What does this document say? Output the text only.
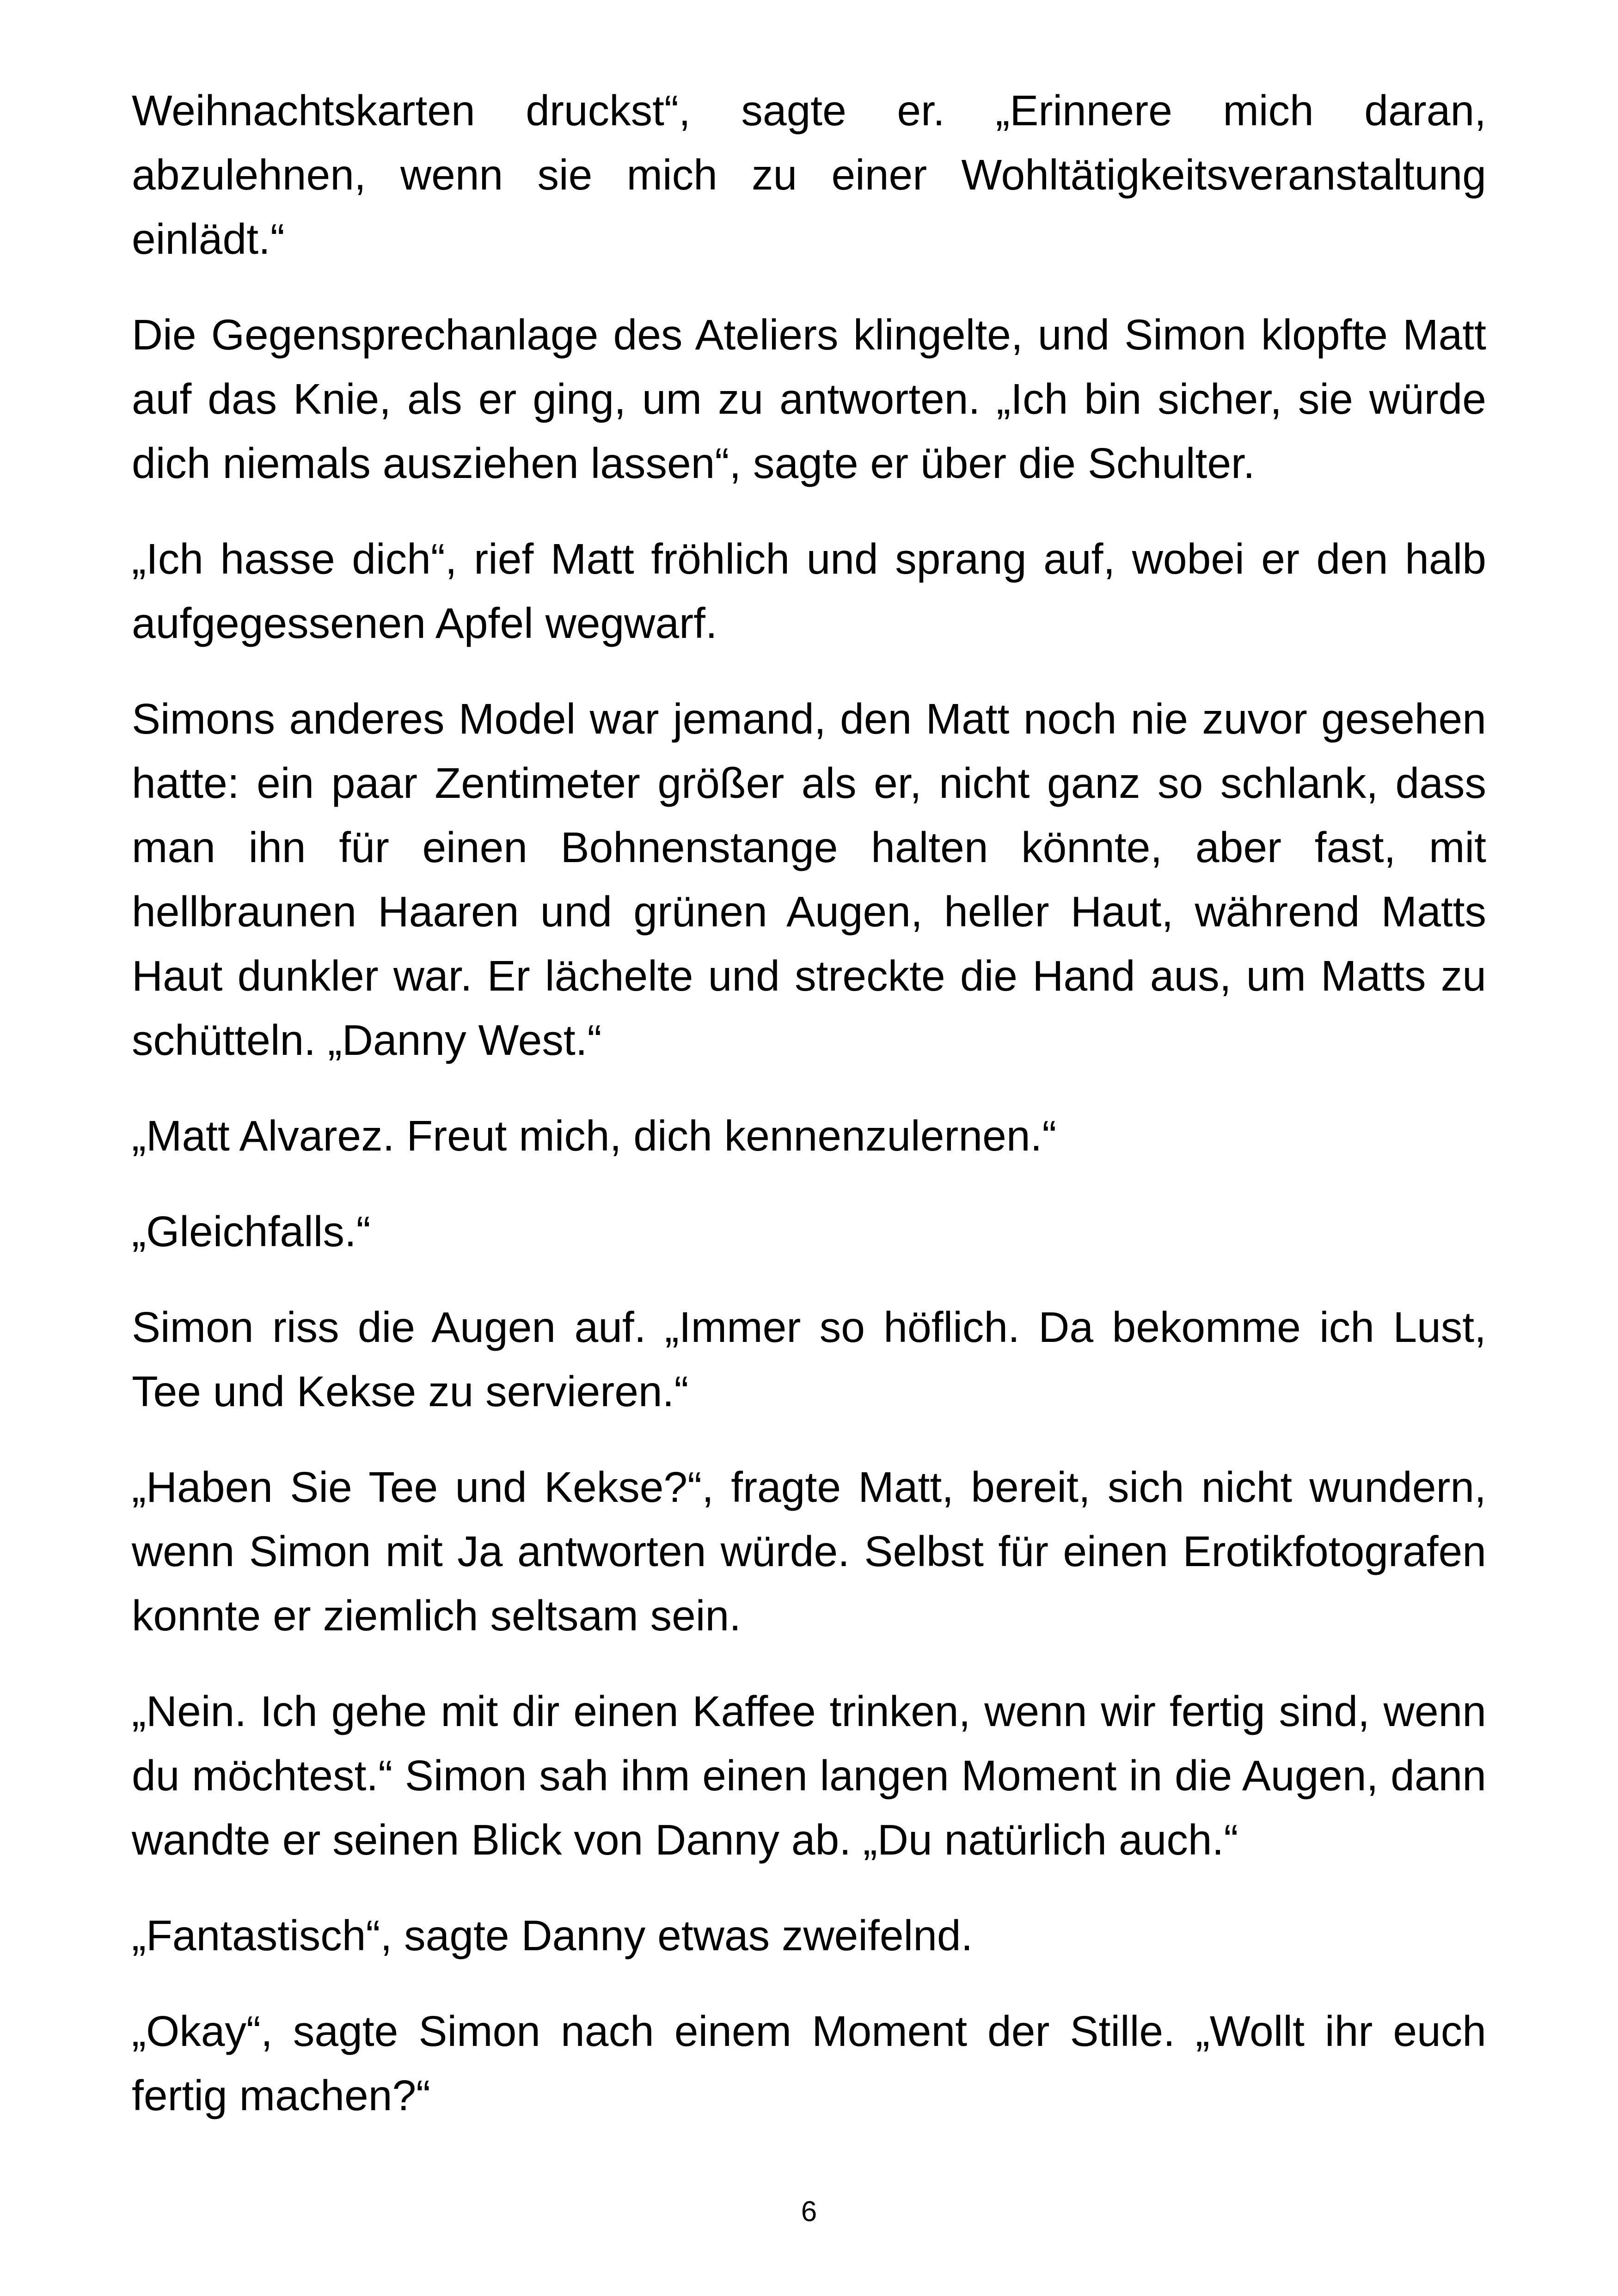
Weihnachtskarten druckst“, sagte er. „Erinnere mich daran, abzulehnen, wenn sie mich zu einer Wohltätigkeitsveranstaltung einlädt.“

Die Gegensprechanlage des Ateliers klingelte, und Simon klopfte Matt auf das Knie, als er ging, um zu antworten. „Ich bin sicher, sie würde dich niemals ausziehen lassen“, sagte er über die Schulter.

„Ich hasse dich“, rief Matt fröhlich und sprang auf, wobei er den halb aufgegessenen Apfel wegwarf.

Simons anderes Model war jemand, den Matt noch nie zuvor gesehen hatte: ein paar Zentimeter größer als er, nicht ganz so schlank, dass man ihn für einen Bohnenstange halten könnte, aber fast, mit hellbraunen Haaren und grünen Augen, heller Haut, während Matts Haut dunkler war. Er lächelte und streckte die Hand aus, um Matts zu schütteln. „Danny West.“

„Matt Alvarez. Freut mich, dich kennenzulernen.“

„Gleichfalls.“

Simon riss die Augen auf. „Immer so höflich. Da bekomme ich Lust, Tee und Kekse zu servieren.“

„Haben Sie Tee und Kekse?“, fragte Matt, bereit, sich nicht wundern, wenn Simon mit Ja antworten würde. Selbst für einen Erotikfotografen konnte er ziemlich seltsam sein.

„Nein. Ich gehe mit dir einen Kaffee trinken, wenn wir fertig sind, wenn du möchtest.“ Simon sah ihm einen langen Moment in die Augen, dann wandte er seinen Blick von Danny ab. „Du natürlich auch.“

„Fantastisch“, sagte Danny etwas zweifelnd.

„Okay“, sagte Simon nach einem Moment der Stille. „Wollt ihr euch fertig machen?“

6
